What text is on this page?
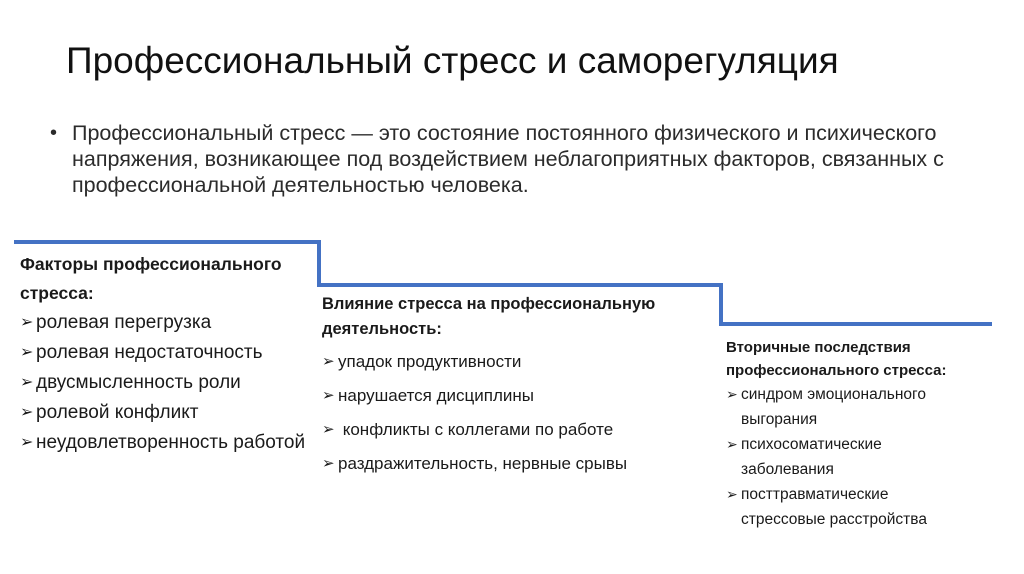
Профессиональный стресс и саморегуляция
• Профессиональный стресс — это состояние постоянного физического и психического напряжения, возникающее под воздействием неблагоприятных факторов, связанных с профессиональной деятельностью человека.

Факторы профессионального стресса:

➢ ролевая перегрузка
➢ ролевая недостаточность
➢ двусмысленность роли
➢ ролевой конфликт
➢ неудовлетворенность работой

Влияние стресса на профессиональную деятельность:

➢ упадок продуктивности
➢ нарушается дисциплины
➢ конфликты с коллегами по работе
➢ раздражительность, нервные срывы

Вторичные последствия профессионального стресса:

➢ синдром эмоционального выгорания
➢ психосоматические заболевания
➢ посттравматические стрессовые расстройства
